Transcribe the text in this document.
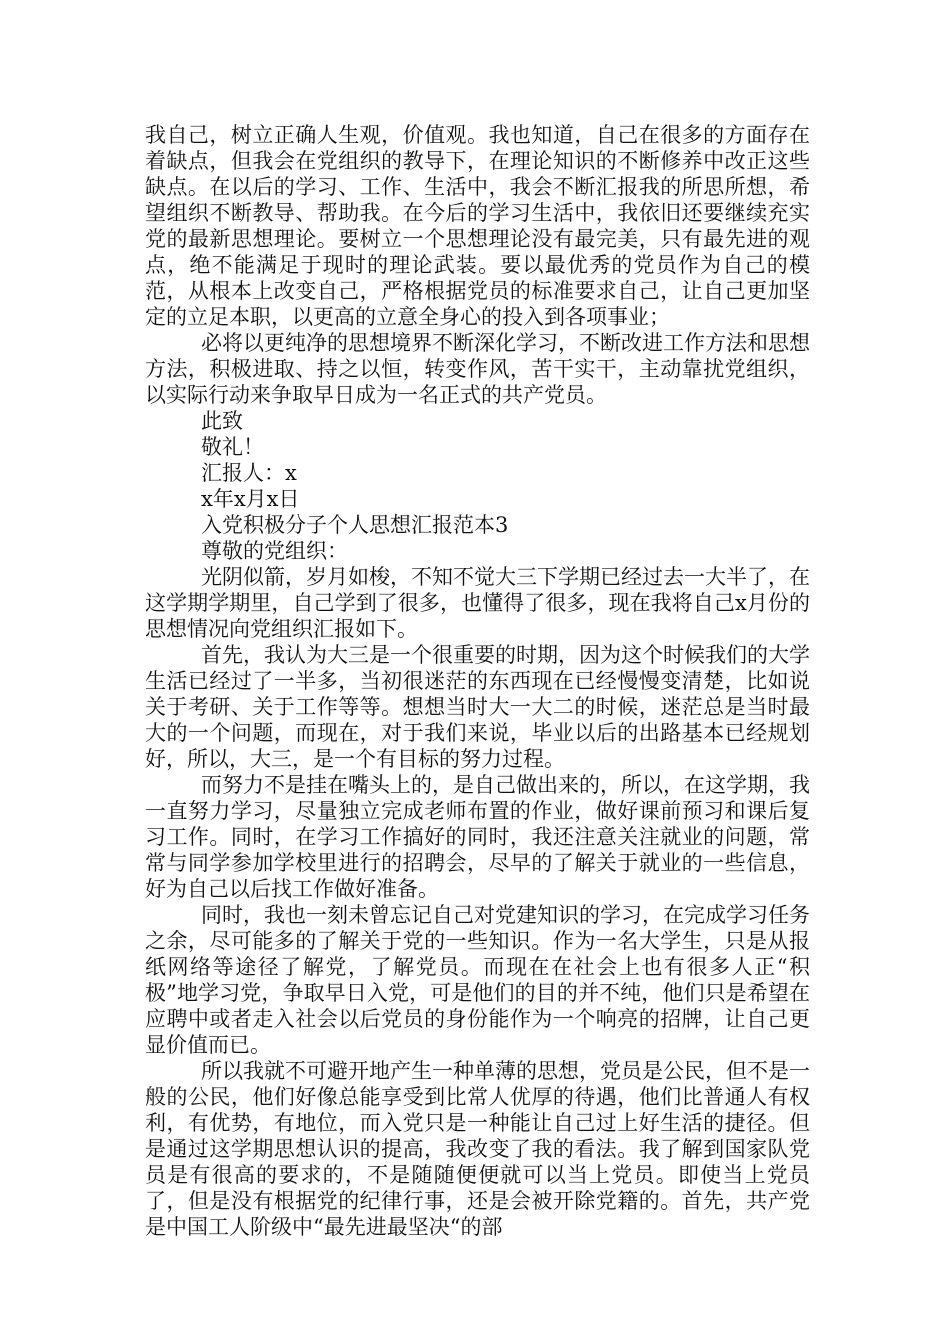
我自己，树立正确人生观，价值观。我也知道，自己在很多的方面存在着缺点，但我会在党组织的教导下，在理论知识的不断修养中改正这些缺点。在以后的学习、工作、生活中，我会不断汇报我的所思所想，希望组织不断教导、帮助我。在今后的学习生活中，我依旧还要继续充实党的最新思想理论。要树立一个思想理论没有最完美，只有最先进的观点，绝不能满足于现时的理论武装。要以最优秀的党员作为自己的模范，从根本上改变自己，严格根据党员的标准要求自己，让自己更加坚定的立足本职，以更高的立意全身心的投入到各项事业；

必将以更纯净的思想境界不断深化学习，不断改进工作方法和思想方法，积极进取、持之以恒，转变作风，苦干实干，主动靠扰党组织，以实际行动来争取早日成为一名正式的共产党员。

此致

敬礼！

汇报人：x

x年x月x日

入党积极分子个人思想汇报范本3

尊敬的党组织：

光阴似箭，岁月如梭，不知不觉大三下学期已经过去一大半了，在这学期学期里，自己学到了很多，也懂得了很多，现在我将自己x月份的思想情况向党组织汇报如下。

首先，我认为大三是一个很重要的时期，因为这个时候我们的大学生活已经过了一半多，当初很迷茫的东西现在已经慢慢变清楚，比如说关于考研、关于工作等等。想想当时大一大二的时候，迷茫总是当时最大的一个问题，而现在，对于我们来说，毕业以后的出路基本已经规划好，所以，大三，是一个有目标的努力过程。

而努力不是挂在嘴头上的，是自己做出来的，所以，在这学期，我一直努力学习，尽量独立完成老师布置的作业，做好课前预习和课后复习工作。同时，在学习工作搞好的同时，我还注意关注就业的问题，常常与同学参加学校里进行的招聘会，尽早的了解关于就业的一些信息，好为自己以后找工作做好准备。

同时，我也一刻未曾忘记自己对党建知识的学习，在完成学习任务之余，尽可能多的了解关于党的一些知识。作为一名大学生，只是从报纸网络等途径了解党，了解党员。而现在在社会上也有很多人正“积极”地学习党，争取早日入党，可是他们的目的并不纯，他们只是希望在应聘中或者走入社会以后党员的身份能作为一个响亮的招牌，让自己更显价值而已。

所以我就不可避开地产生一种单薄的思想，党员是公民，但不是一般的公民，他们好像总能享受到比常人优厚的待遇，他们比普通人有权利，有优势，有地位，而入党只是一种能让自己过上好生活的捷径。但是通过这学期思想认识的提高，我改变了我的看法。我了解到国家队党员是有很高的要求的，不是随随便便就可以当上党员。即使当上党员了，但是没有根据党的纪律行事，还是会被开除党籍的。首先，共产党是中国工人阶级中“最先进最坚决“的部
